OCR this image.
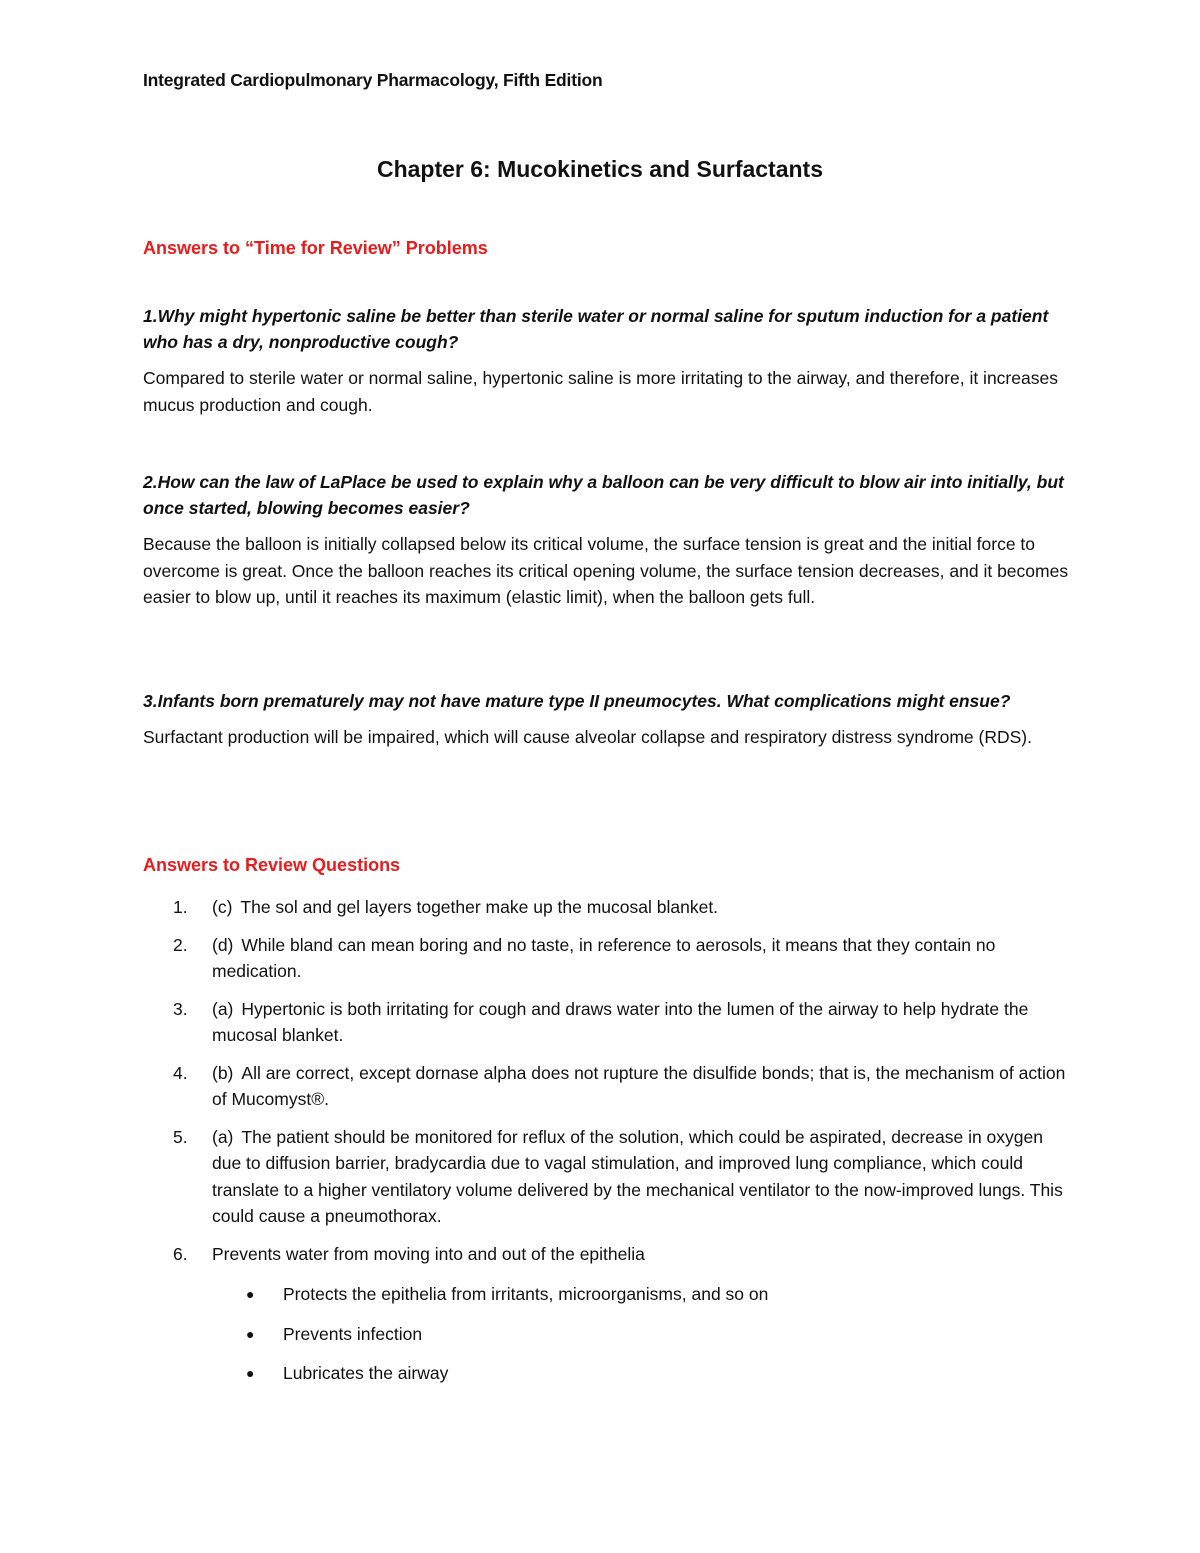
Integrated Cardiopulmonary Pharmacology, Fifth Edition
Chapter 6: Mucokinetics and Surfactants
Answers to “Time for Review” Problems

1.Why might hypertonic saline be better than sterile water or normal saline for sputum induction for a patient who has a dry, nonproductive cough?

Compared to sterile water or normal saline, hypertonic saline is more irritating to the airway, and therefore, it increases mucus production and cough.

2.How can the law of LaPlace be used to explain why a balloon can be very difficult to blow air into initially, but once started, blowing becomes easier?

Because the balloon is initially collapsed below its critical volume, the surface tension is great and the initial force to overcome is great. Once the balloon reaches its critical opening volume, the surface tension decreases, and it becomes easier to blow up, until it reaches its maximum (elastic limit), when the balloon gets full.

3.Infants born prematurely may not have mature type II pneumocytes. What complications might ensue?

Surfactant production will be impaired, which will cause alveolar collapse and respiratory distress syndrome (RDS).

Answers to Review Questions
1. (c) The sol and gel layers together make up the mucosal blanket.
2. (d) While bland can mean boring and no taste, in reference to aerosols, it means that they contain no medication.
3. (a) Hypertonic is both irritating for cough and draws water into the lumen of the airway to help hydrate the mucosal blanket.
4. (b) All are correct, except dornase alpha does not rupture the disulfide bonds; that is, the mechanism of action of Mucomyst®.
5. (a) The patient should be monitored for reflux of the solution, which could be aspirated, decrease in oxygen due to diffusion barrier, bradycardia due to vagal stimulation, and improved lung compliance, which could translate to a higher ventilatory volume delivered by the mechanical ventilator to the now-improved lungs. This could cause a pneumothorax.
6. Prevents water from moving into and out of the epithelia
● Protects the epithelia from irritants, microorganisms, and so on
● Prevents infection
● Lubricates the airway
